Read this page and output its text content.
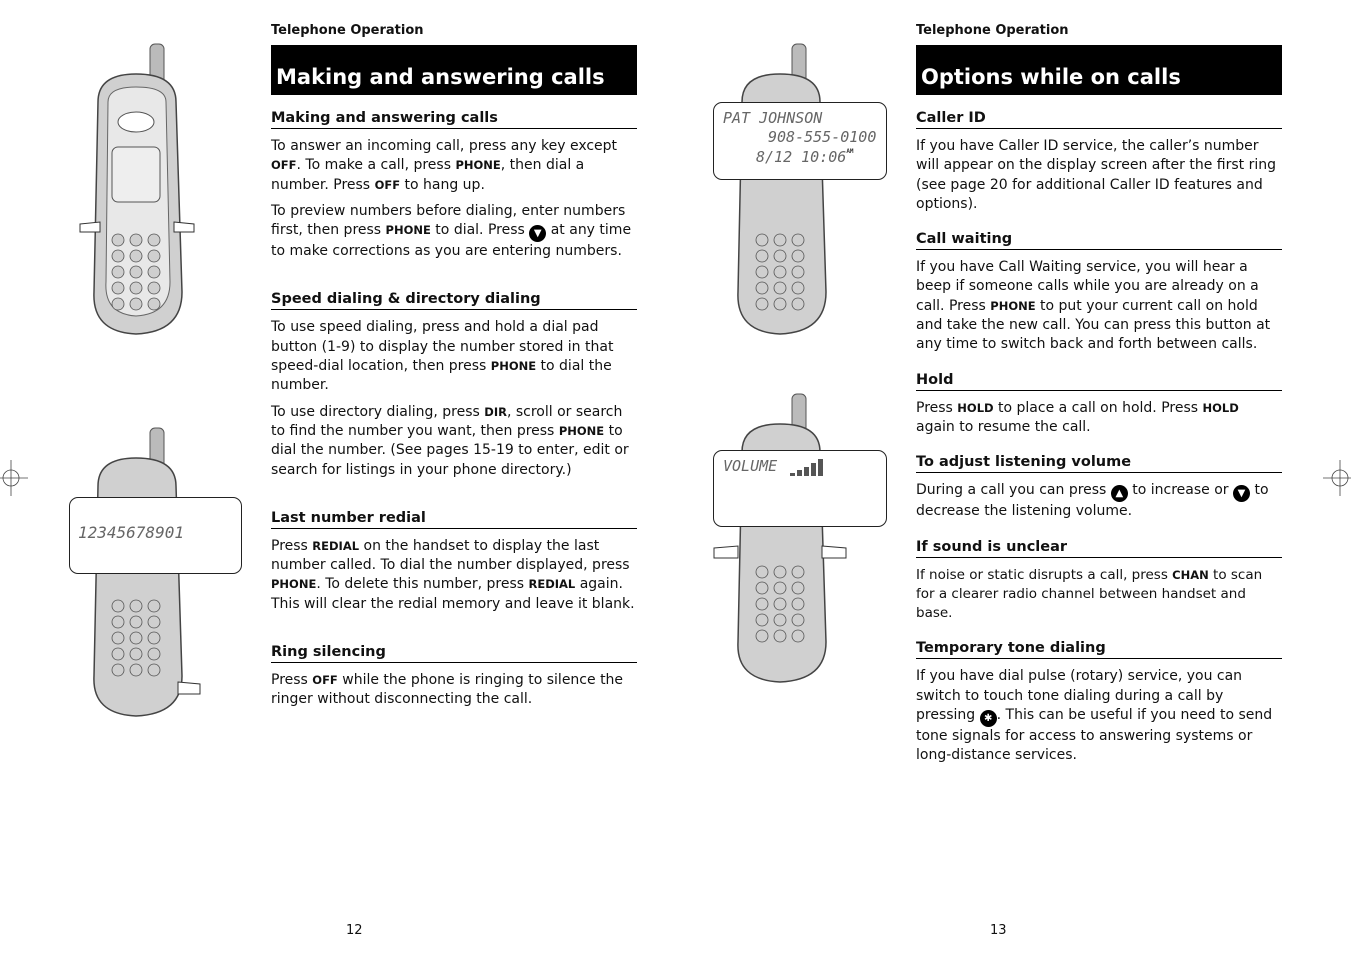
12345678901
Telephone Operation
Making and answering calls
Making and answering calls

To answer an incoming call, press any key except OFF. To make a call, press PHONE, then dial a number. Press OFF to hang up.

To preview numbers before dialing, enter numbers first, then press PHONE to dial. Press ▼ at any time to make corrections as you are entering numbers.

Speed dialing & directory dialing

To use speed dialing, press and hold a dial pad button (1-9) to display the number stored in that speed-dial location, then press PHONE to dial the number.

To use directory dialing, press DIR, scroll or search to find the number you want, then press PHONE to dial the number. (See pages 15-19 to enter, edit or search for listings in your phone directory.)

Last number redial

Press REDIAL on the handset to display the last number called. To dial the number displayed, press PHONE. To delete this number, press REDIAL again. This will clear the redial memory and leave it blank.

Ring silencing

Press OFF while the phone is ringing to silence the ringer without disconnecting the call.

12
PAT JOHNSON
908-555-0100
8/12 $10:06^{AM}$
VOLUME
Telephone Operation
Options while on calls
Caller ID

If you have Caller ID service, the caller’s number will appear on the display screen after the first ring (see page 20 for additional Caller ID features and options).

Call waiting

If you have Call Waiting service, you will hear a beep if someone calls while you are already on a call. Press PHONE to put your current call on hold and take the new call. You can press this button at any time to switch back and forth between calls.

Hold

Press HOLD to place a call on hold. Press HOLD again to resume the call.

To adjust listening volume

During a call you can press ▲ to increase or ▼ to decrease the listening volume.

If sound is unclear

If noise or static disrupts a call, press CHAN to scan for a clearer radio channel between handset and base.

Temporary tone dialing

If you have dial pulse (rotary) service, you can switch to touch tone dialing during a call by pressing ✱ . This can be useful if you need to send tone signals for access to answering systems or long-distance services.

13
